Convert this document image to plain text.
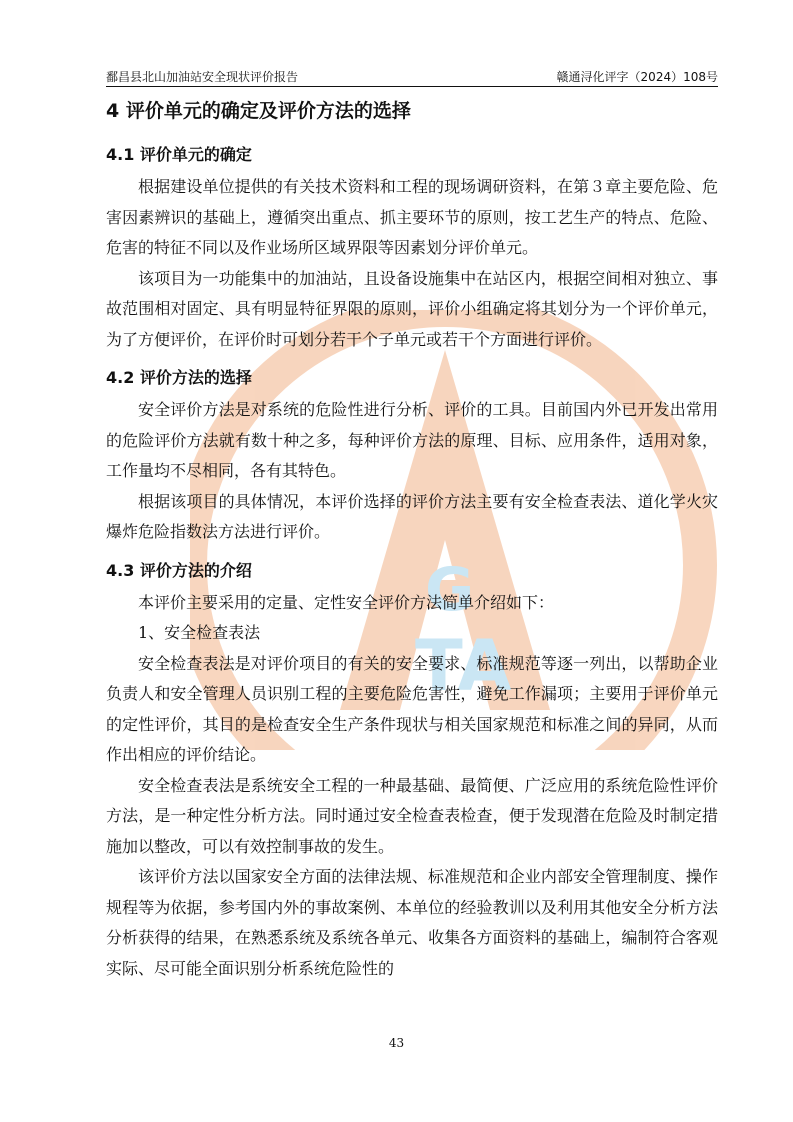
G
TA
鄱昌县北山加油站安全现状评价报告	赣通浔化评字（2024）108号
4 评价单元的确定及评价方法的选择
4.1 评价单元的确定

根据建设单位提供的有关技术资料和工程的现场调研资料，在第３章主要危险、危害因素辨识的基础上，遵循突出重点、抓主要环节的原则，按工艺生产的特点、危险、危害的特征不同以及作业场所区域界限等因素划分评价单元。

该项目为一功能集中的加油站，且设备设施集中在站区内，根据空间相对独立、事故范围相对固定、具有明显特征界限的原则，评价小组确定将其划分为一个评价单元，为了方便评价，在评价时可划分若干个子单元或若干个方面进行评价。

4.2 评价方法的选择

安全评价方法是对系统的危险性进行分析、评价的工具。目前国内外已开发出常用的危险评价方法就有数十种之多，每种评价方法的原理、目标、应用条件，适用对象，工作量均不尽相同，各有其特色。

根据该项目的具体情况，本评价选择的评价方法主要有安全检查表法、道化学火灾爆炸危险指数法方法进行评价。

4.3 评价方法的介绍

本评价主要采用的定量、定性安全评价方法简单介绍如下：

1、安全检查表法

安全检查表法是对评价项目的有关的安全要求、标准规范等逐一列出，以帮助企业负责人和安全管理人员识别工程的主要危险危害性，避免工作漏项；主要用于评价单元的定性评价，其目的是检查安全生产条件现状与相关国家规范和标准之间的异同，从而作出相应的评价结论。

安全检查表法是系统安全工程的一种最基础、最简便、广泛应用的系统危险性评价方法，是一种定性分析方法。同时通过安全检查表检查，便于发现潜在危险及时制定措施加以整改，可以有效控制事故的发生。

该评价方法以国家安全方面的法律法规、标准规范和企业内部安全管理制度、操作规程等为依据，参考国内外的事故案例、本单位的经验教训以及利用其他安全分析方法分析获得的结果，在熟悉系统及系统各单元、收集各方面资料的基础上，编制符合客观实际、尽可能全面识别分析系统危险性的

43
